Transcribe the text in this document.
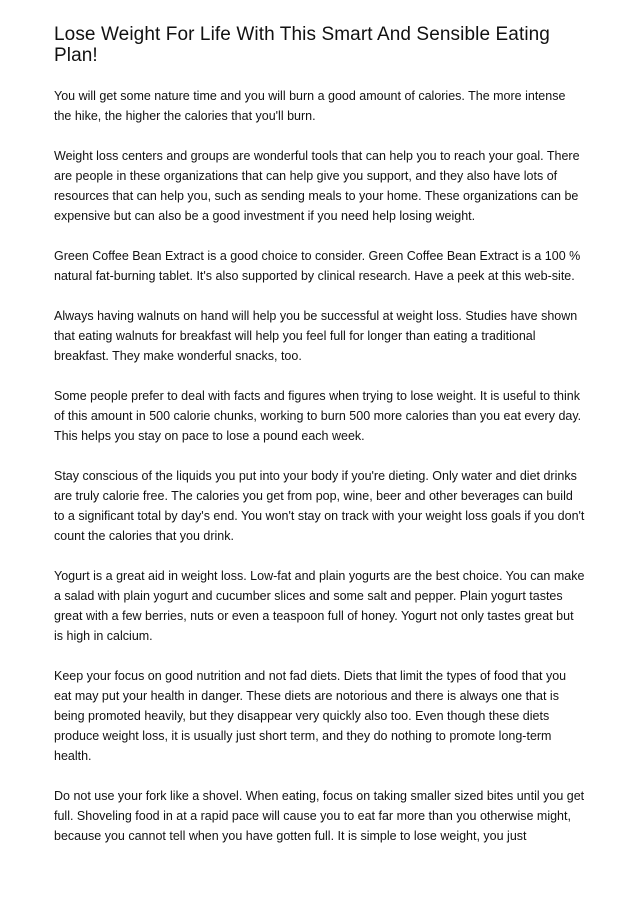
Lose Weight For Life With This Smart And Sensible Eating Plan!

You will get some nature time and you will burn a good amount of calories. The more intense the hike, the higher the calories that you'll burn.

Weight loss centers and groups are wonderful tools that can help you to reach your goal. There are people in these organizations that can help give you support, and they also have lots of resources that can help you, such as sending meals to your home. These organizations can be expensive but can also be a good investment if you need help losing weight.

Green Coffee Bean Extract is a good choice to consider. Green Coffee Bean Extract is a 100 % natural fat-burning tablet. It's also supported by clinical research. Have a peek at this web-site.

Always having walnuts on hand will help you be successful at weight loss. Studies have shown that eating walnuts for breakfast will help you feel full for longer than eating a traditional breakfast. They make wonderful snacks, too.

Some people prefer to deal with facts and figures when trying to lose weight. It is useful to think of this amount in 500 calorie chunks, working to burn 500 more calories than you eat every day. This helps you stay on pace to lose a pound each week.

Stay conscious of the liquids you put into your body if you're dieting. Only water and diet drinks are truly calorie free. The calories you get from pop, wine, beer and other beverages can build to a significant total by day's end. You won't stay on track with your weight loss goals if you don't count the calories that you drink.

Yogurt is a great aid in weight loss. Low-fat and plain yogurts are the best choice. You can make a salad with plain yogurt and cucumber slices and some salt and pepper. Plain yogurt tastes great with a few berries, nuts or even a teaspoon full of honey. Yogurt not only tastes great but is high in calcium.

Keep your focus on good nutrition and not fad diets. Diets that limit the types of food that you eat may put your health in danger. These diets are notorious and there is always one that is being promoted heavily, but they disappear very quickly also too. Even though these diets produce weight loss, it is usually just short term, and they do nothing to promote long-term health.

Do not use your fork like a shovel. When eating, focus on taking smaller sized bites until you get full. Shoveling food in at a rapid pace will cause you to eat far more than you otherwise might, because you cannot tell when you have gotten full. It is simple to lose weight, you just
